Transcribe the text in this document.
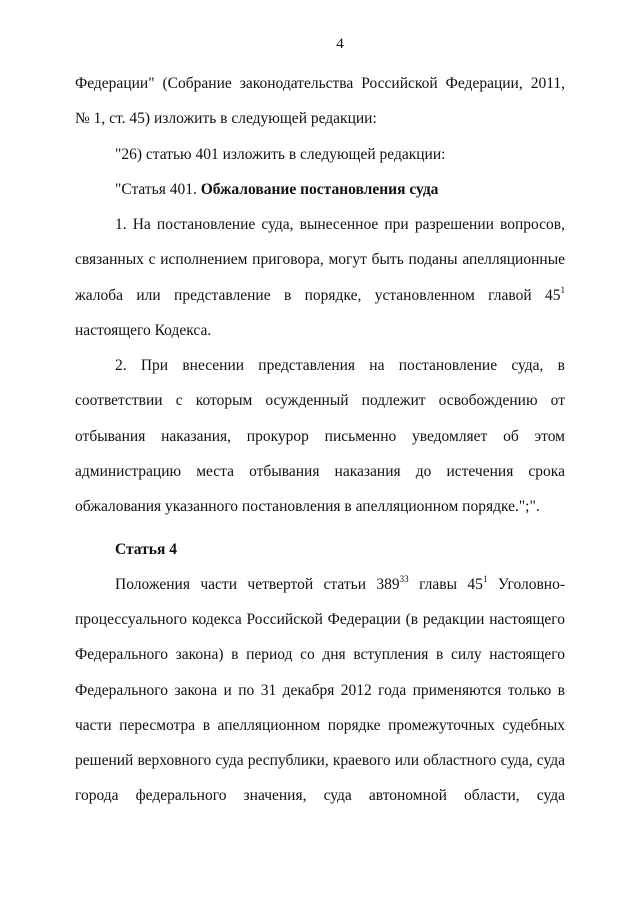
4
Федерации" (Собрание законодательства Российской Федерации, 2011,
№ 1, ст. 45) изложить в следующей редакции:
"26) статью 401 изложить в следующей редакции:
"Статья 401. Обжалование постановления суда
1. На постановление суда, вынесенное при разрешении вопросов,
связанных с исполнением приговора, могут быть поданы апелляционные
жалоба или представление в порядке, установленном главой $45^1$
настоящего Кодекса.
2. При внесении представления на постановление суда, в
соответствии с которым осужденный подлежит освобождению от
отбывания наказания, прокурор письменно уведомляет об этом
администрацию места отбывания наказания до истечения срока
обжалования указанного постановления в апелляционном порядке.";".
Статья 4
Положения части четвертой статьи $389^{33}$ главы $45^1$ Уголовно-
процессуального кодекса Российской Федерации (в редакции настоящего
Федерального закона) в период со дня вступления в силу настоящего
Федерального закона и по 31 декабря 2012 года применяются только в
части пересмотра в апелляционном порядке промежуточных судебных
решений верховного суда республики, краевого или областного суда, суда
города федерального значения, суда автономной области, суда
